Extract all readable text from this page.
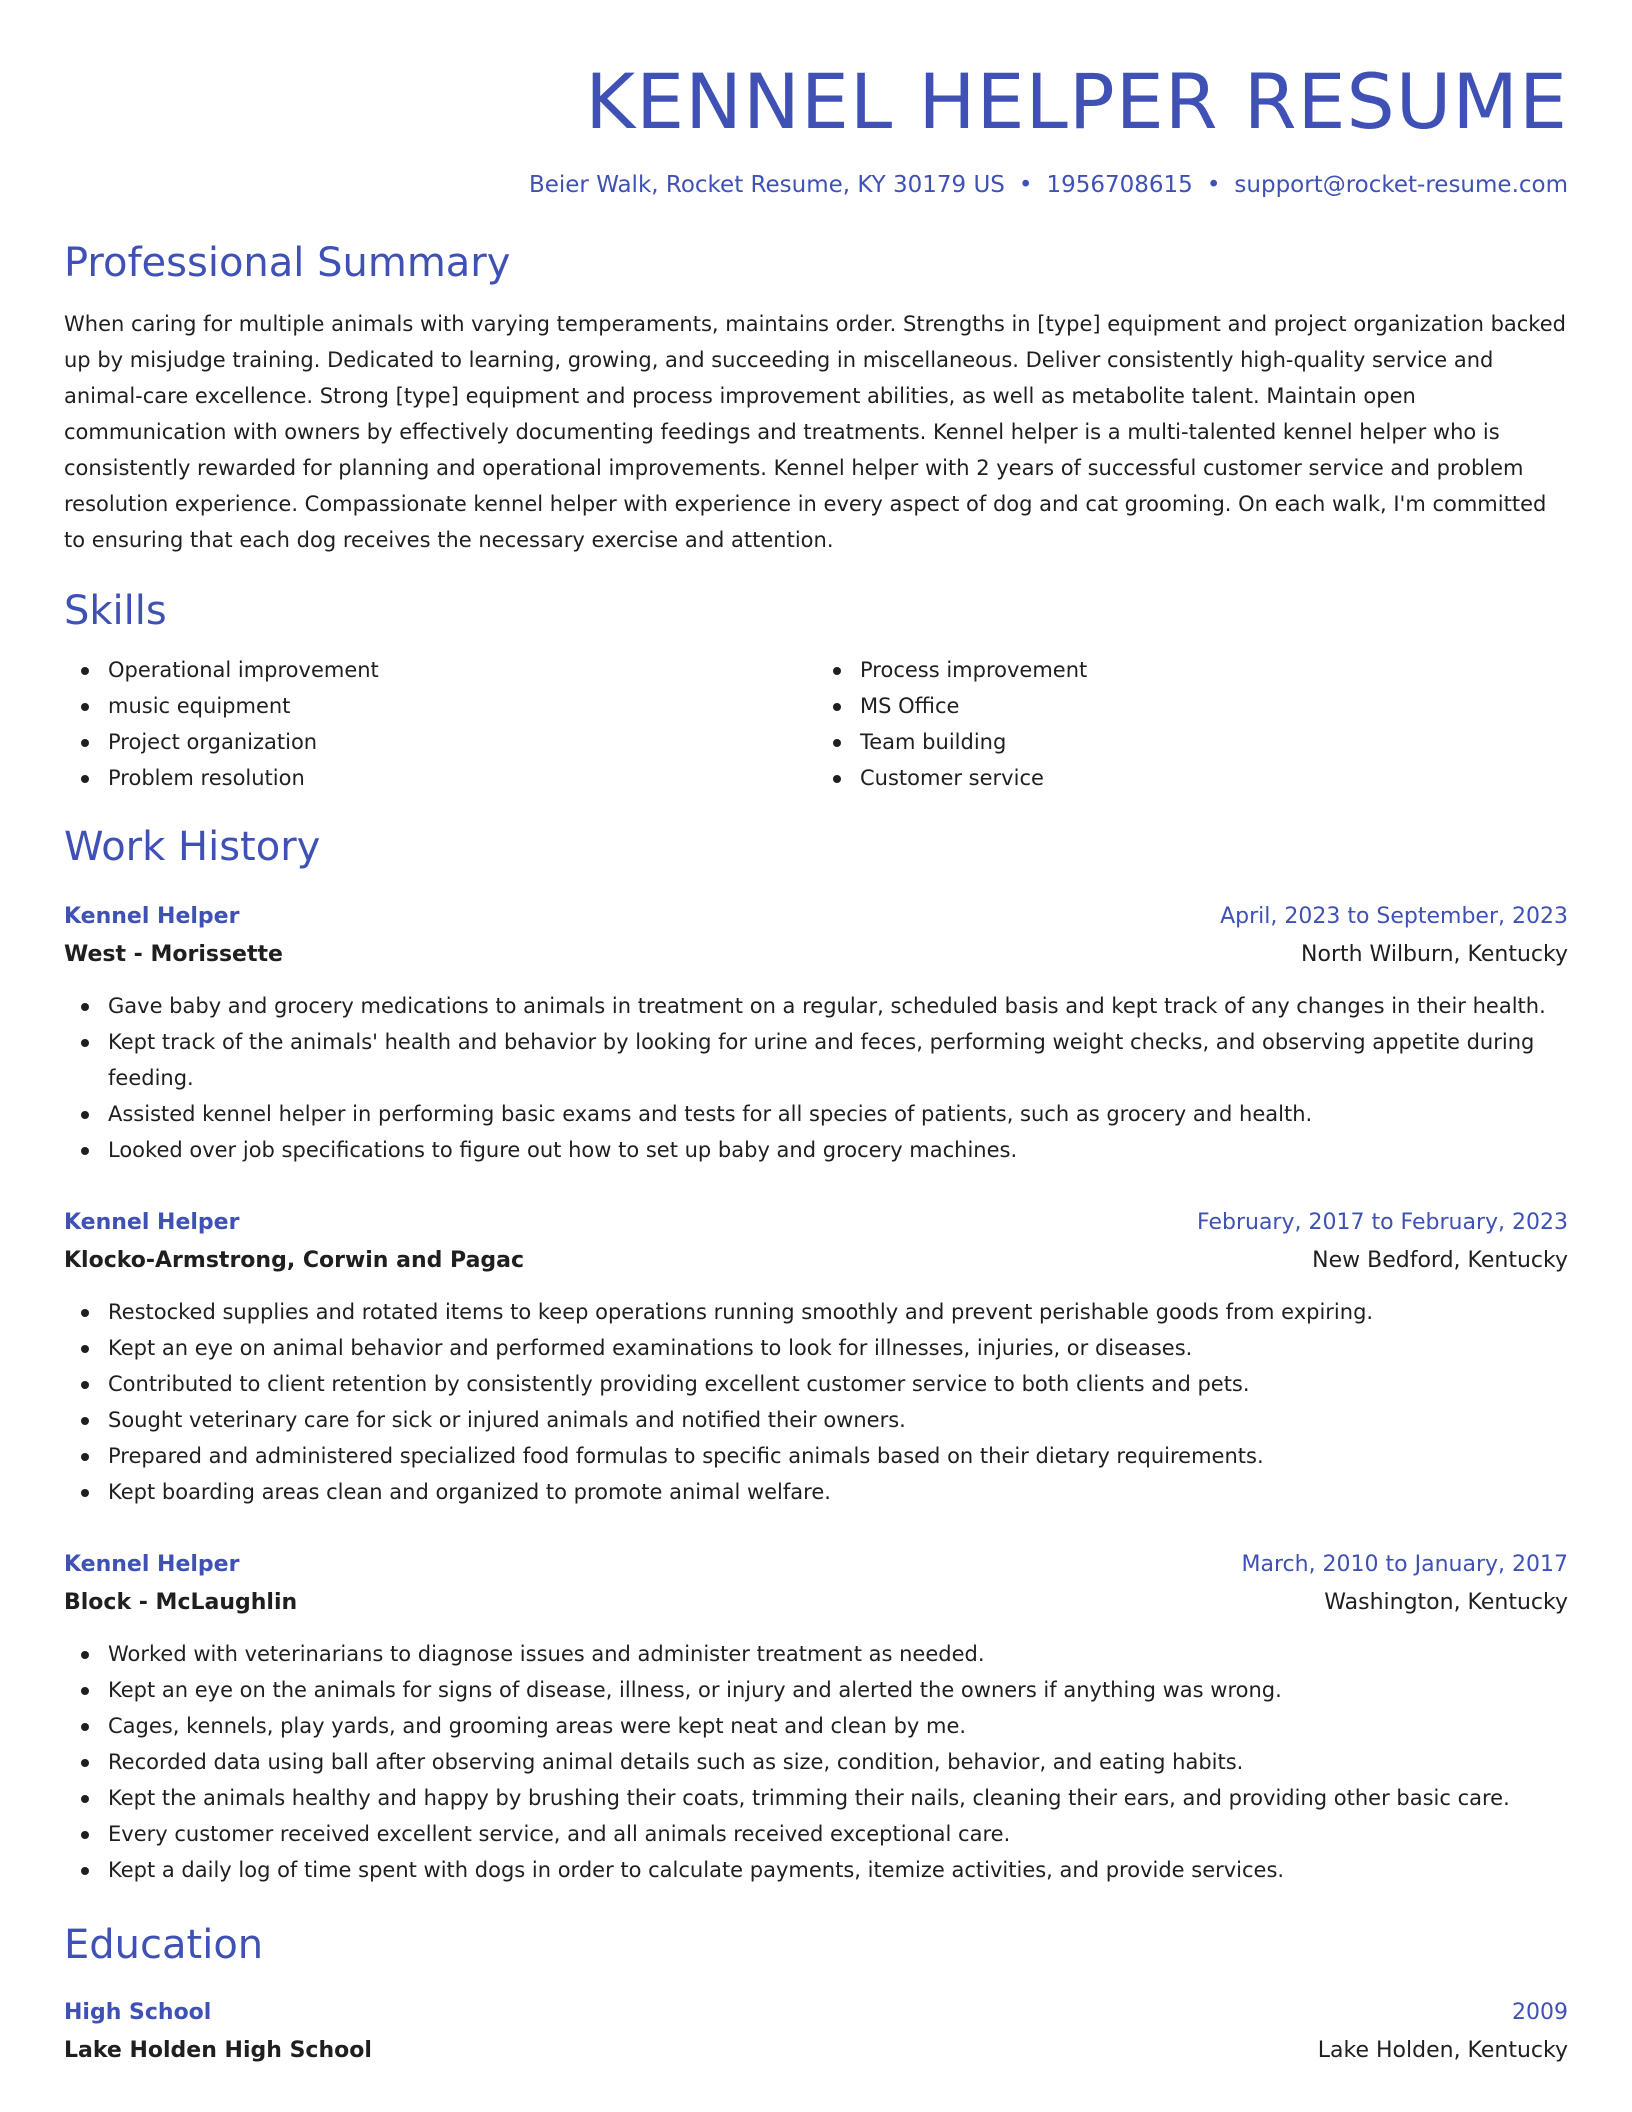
KENNEL HELPER RESUME
Beier Walk, Rocket Resume, KY 30179 US • 1956708615 • support@rocket-resume.com
Professional Summary
When caring for multiple animals with varying temperaments, maintains order. Strengths in [type] equipment and project organization backed up by misjudge training. Dedicated to learning, growing, and succeeding in miscellaneous. Deliver consistently high-quality service and animal-care excellence. Strong [type] equipment and process improvement abilities, as well as metabolite talent. Maintain open communication with owners by effectively documenting feedings and treatments. Kennel helper is a multi-talented kennel helper who is consistently rewarded for planning and operational improvements. Kennel helper with 2 years of successful customer service and problem resolution experience. Compassionate kennel helper with experience in every aspect of dog and cat grooming. On each walk, I'm committed to ensuring that each dog receives the necessary exercise and attention.
Skills
Operational improvement
music equipment
Project organization
Problem resolution
Process improvement
MS Office
Team building
Customer service
Work History
Kennel Helper	April, 2023 to September, 2023
West - Morissette	North Wilburn, Kentucky
Gave baby and grocery medications to animals in treatment on a regular, scheduled basis and kept track of any changes in their health.
Kept track of the animals' health and behavior by looking for urine and feces, performing weight checks, and observing appetite during feeding.
Assisted kennel helper in performing basic exams and tests for all species of patients, such as grocery and health.
Looked over job specifications to figure out how to set up baby and grocery machines.
Kennel Helper	February, 2017 to February, 2023
Klocko-Armstrong, Corwin and Pagac	New Bedford, Kentucky
Restocked supplies and rotated items to keep operations running smoothly and prevent perishable goods from expiring.
Kept an eye on animal behavior and performed examinations to look for illnesses, injuries, or diseases.
Contributed to client retention by consistently providing excellent customer service to both clients and pets.
Sought veterinary care for sick or injured animals and notified their owners.
Prepared and administered specialized food formulas to specific animals based on their dietary requirements.
Kept boarding areas clean and organized to promote animal welfare.
Kennel Helper	March, 2010 to January, 2017
Block - McLaughlin	Washington, Kentucky
Worked with veterinarians to diagnose issues and administer treatment as needed.
Kept an eye on the animals for signs of disease, illness, or injury and alerted the owners if anything was wrong.
Cages, kennels, play yards, and grooming areas were kept neat and clean by me.
Recorded data using ball after observing animal details such as size, condition, behavior, and eating habits.
Kept the animals healthy and happy by brushing their coats, trimming their nails, cleaning their ears, and providing other basic care.
Every customer received excellent service, and all animals received exceptional care.
Kept a daily log of time spent with dogs in order to calculate payments, itemize activities, and provide services.
Education
High School	2009
Lake Holden High School	Lake Holden, Kentucky
